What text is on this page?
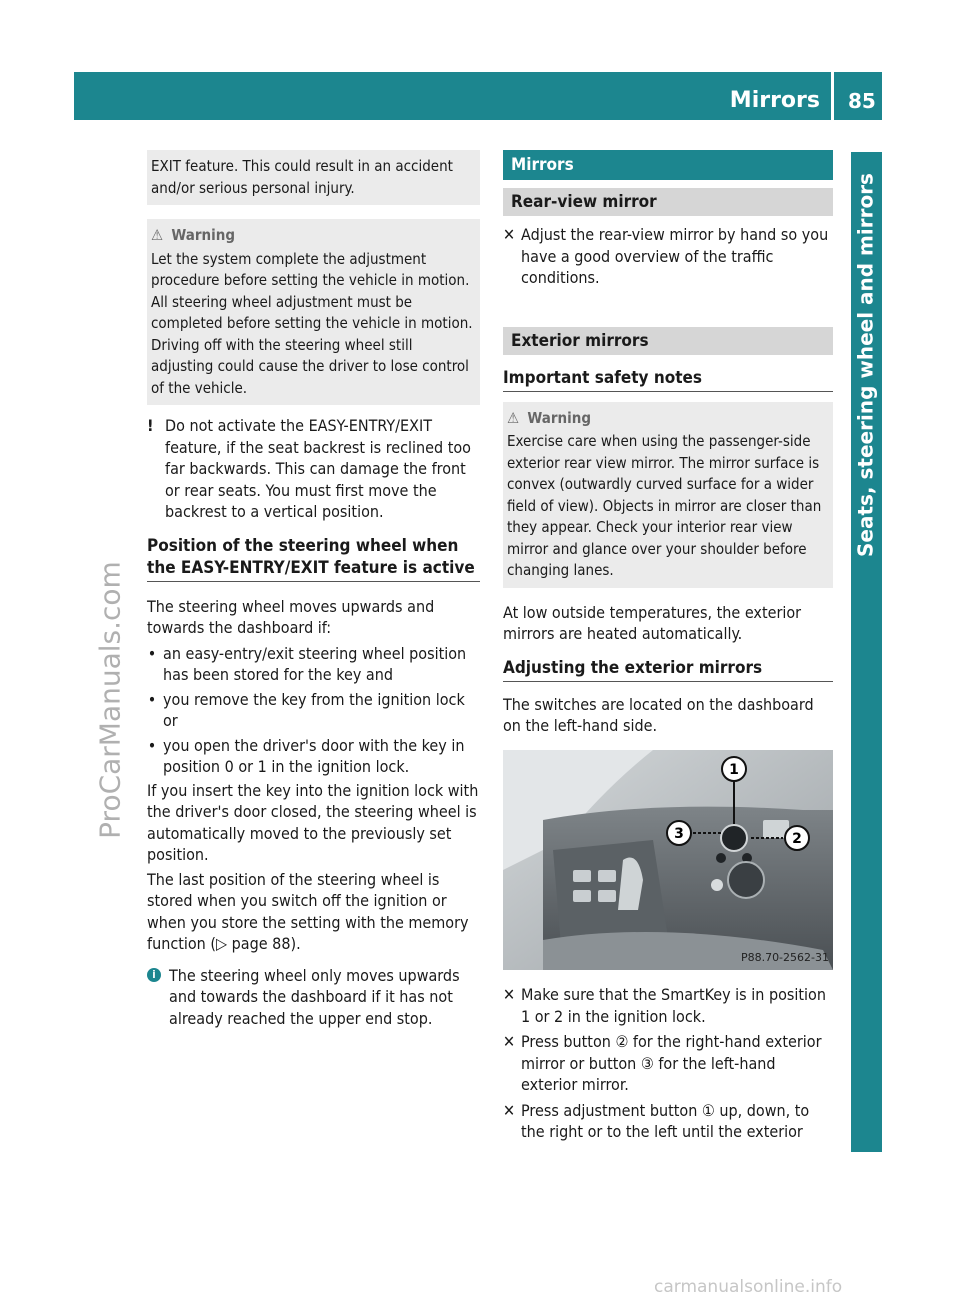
Mirrors 85
Seats, steering wheel and mirrors
ProCarManuals.com
carmanualsonline.info

EXIT feature. This could result in an accident and/or serious personal injury.

⚠ Warning

Let the system complete the adjustment procedure before setting the vehicle in motion. All steering wheel adjustment must be completed before setting the vehicle in motion. Driving off with the steering wheel still adjusting could cause the driver to lose control of the vehicle.

! Do not activate the EASY-ENTRY/EXIT feature, if the seat backrest is reclined too far backwards. This can damage the front or rear seats. You must first move the backrest to a vertical position.

Position of the steering wheel when the EASY-ENTRY/EXIT feature is active

The steering wheel moves upwards and towards the dashboard if:

• an easy-entry/exit steering wheel position has been stored for the key and
• you remove the key from the ignition lock or
• you open the driver's door with the key in position 0 or 1 in the ignition lock.

If you insert the key into the ignition lock with the driver's door closed, the steering wheel is automatically moved to the previously set position.

The last position of the steering wheel is stored when you switch off the ignition or when you store the setting with the memory function (▷ page 88).

i The steering wheel only moves upwards and towards the dashboard if it has not already reached the upper end stop.

Mirrors
Rear-view mirror
✕ Adjust the rear-view mirror by hand so you have a good overview of the traffic conditions.
Exterior mirrors
Important safety notes
⚠ Warning

Exercise care when using the passenger-side exterior rear view mirror. The mirror surface is convex (outwardly curved surface for a wider field of view). Objects in mirror are closer than they appear. Check your interior rear view mirror and glance over your shoulder before changing lanes.

At low outside temperatures, the exterior mirrors are heated automatically.

Adjusting the exterior mirrors

The switches are located on the dashboard on the left-hand side.

1
2
3
P88.70-2562-31
✕ Make sure that the SmartKey is in position 1 or 2 in the ignition lock.
✕ Press button ② for the right-hand exterior mirror or button ③ for the left-hand exterior mirror.
✕ Press adjustment button ① up, down, to the right or to the left until the exterior
